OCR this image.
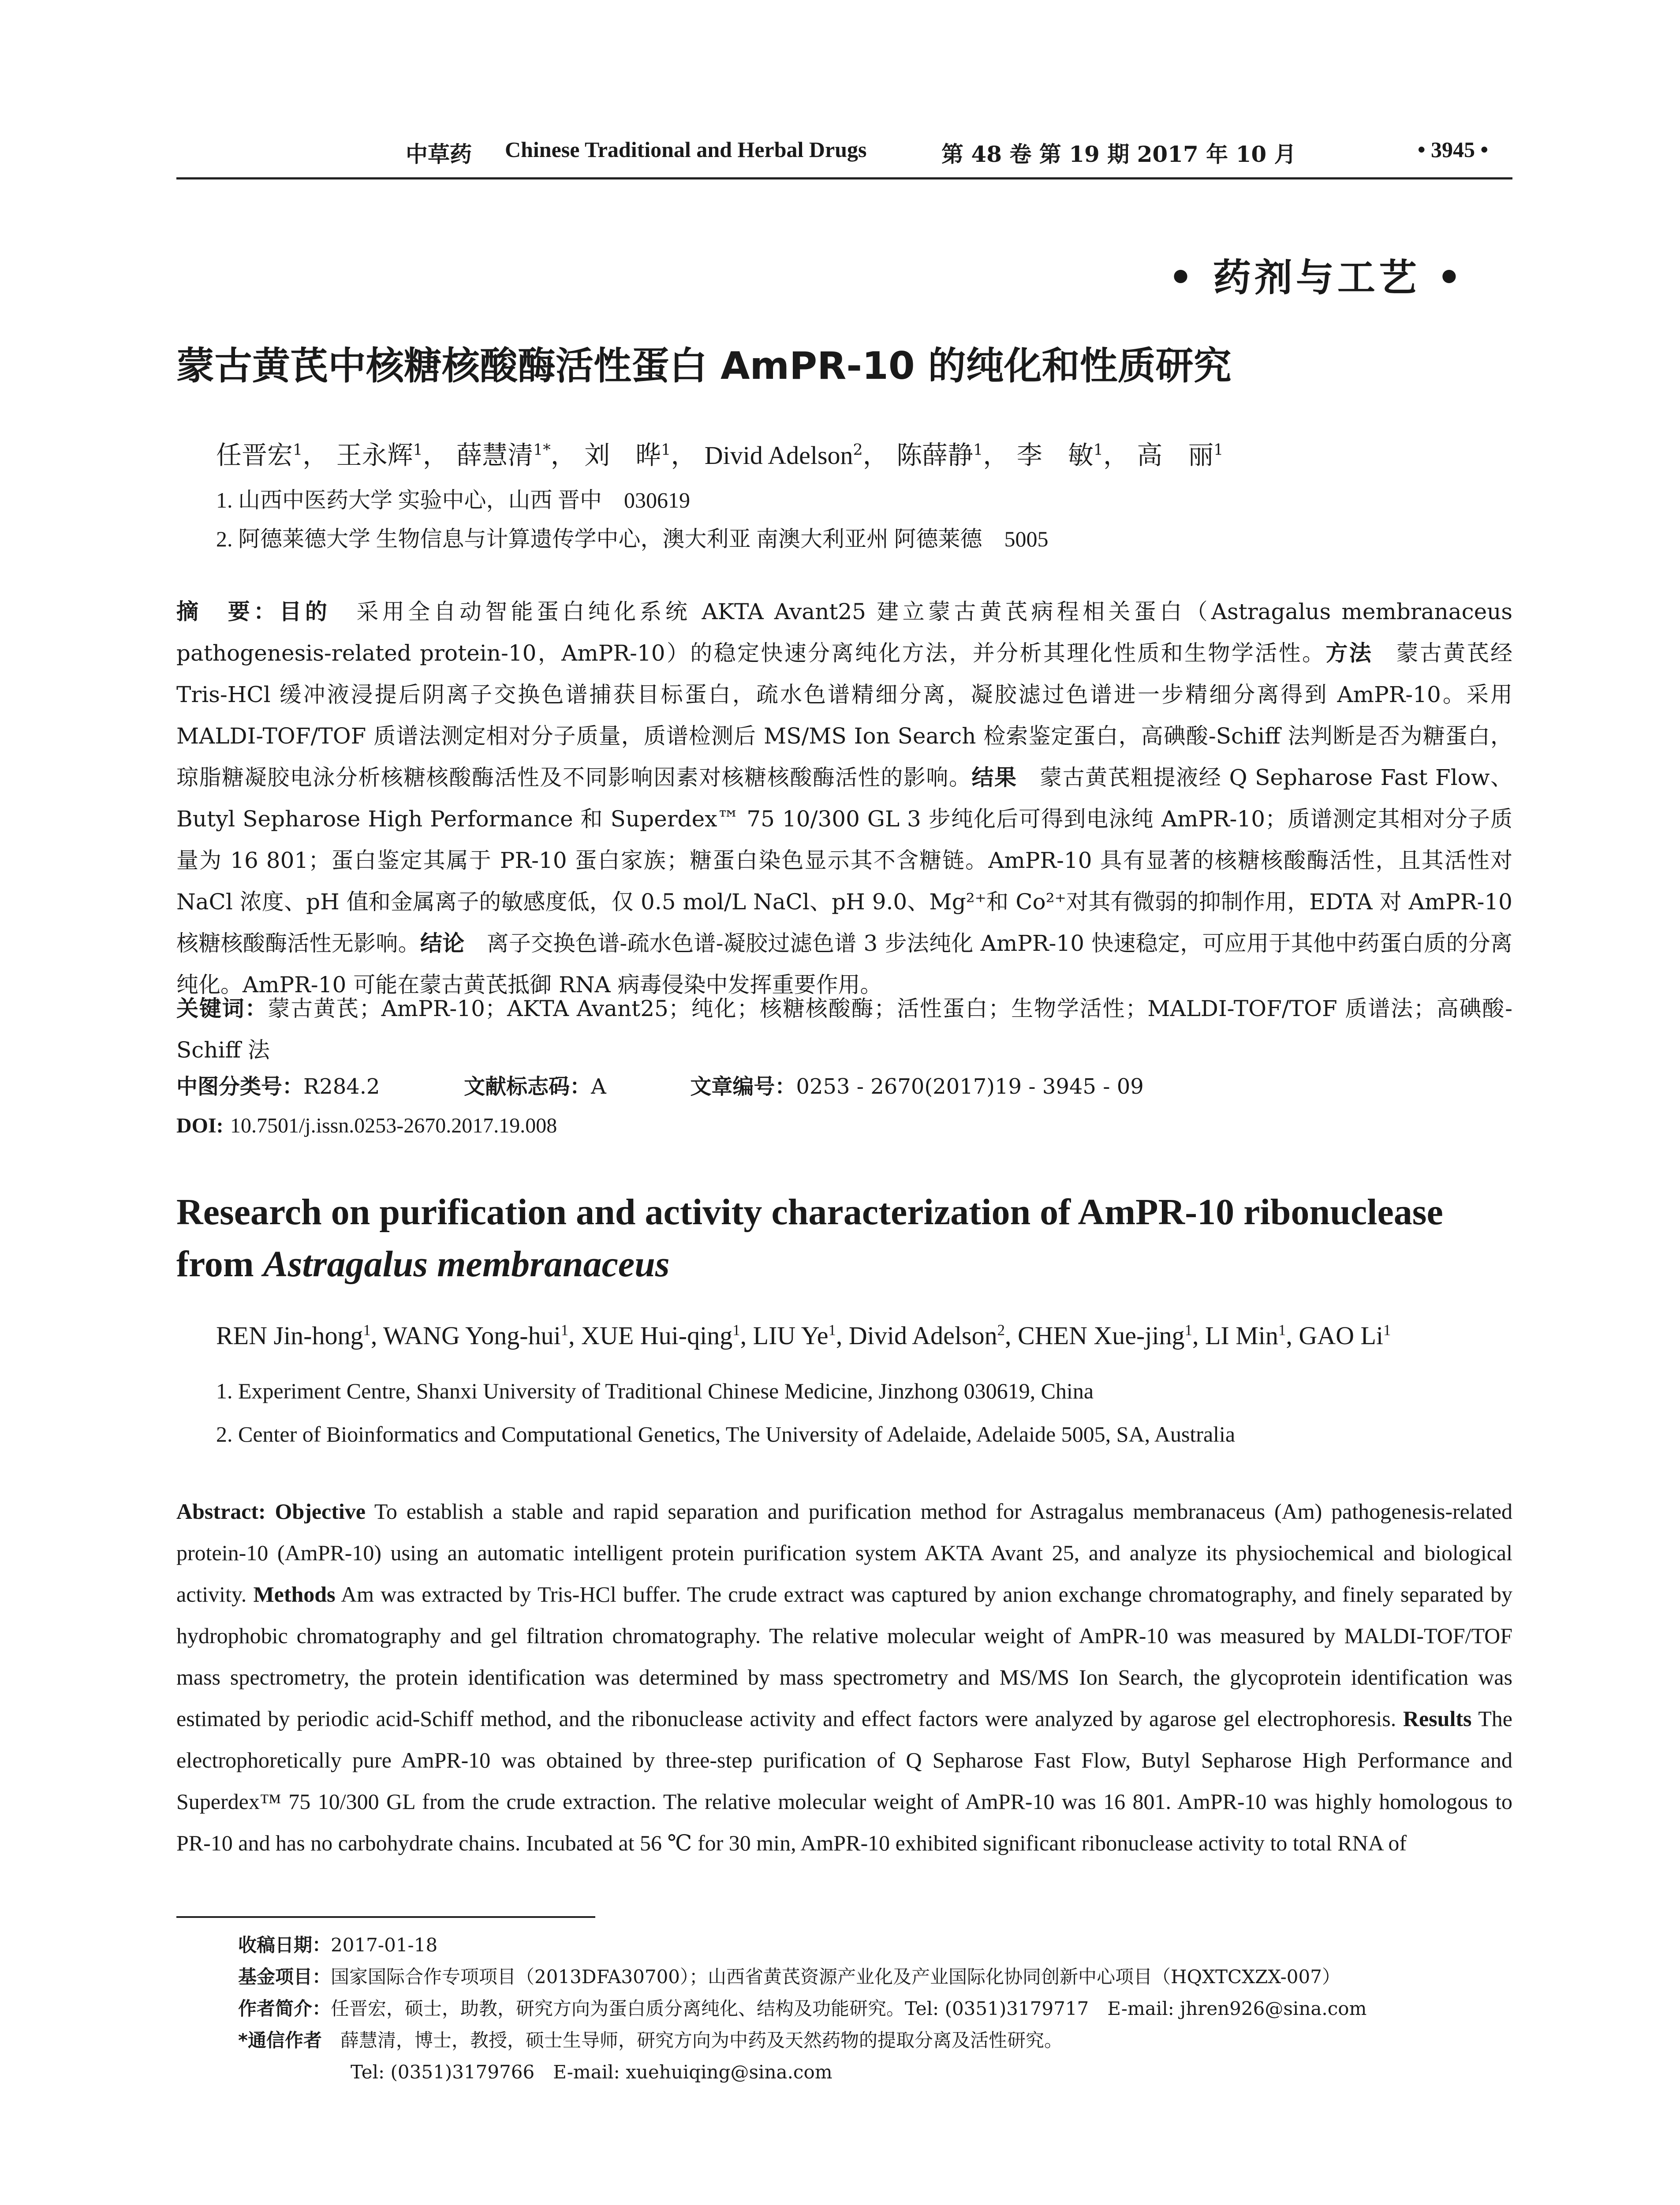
中草药 Chinese Traditional and Herbal Drugs	第 48 卷 第 19 期 2017 年 10 月	• 3945 •
• 药剂与工艺 •
蒙古黄芪中核糖核酸酶活性蛋白 AmPR-10 的纯化和性质研究
任晋宏$^1$， 王永辉$^1$， 薛慧清$^{1*}$， 刘　晔$^1$， Divid Adelson$^2$， 陈薛静$^1$， 李　敏$^1$， 高　丽$^1$
1. 山西中医药大学 实验中心，山西 晋中　030619
2. 阿德莱德大学 生物信息与计算遗传学中心，澳大利亚 南澳大利亚州 阿德莱德　5005
摘　要：目的　采用全自动智能蛋白纯化系统 AKTA Avant25 建立蒙古黄芪病程相关蛋白（Astragalus membranaceus pathogenesis-related protein-10，AmPR-10）的稳定快速分离纯化方法，并分析其理化性质和生物学活性。方法　蒙古黄芪经 Tris-HCl 缓冲液浸提后阴离子交换色谱捕获目标蛋白，疏水色谱精细分离，凝胶滤过色谱进一步精细分离得到 AmPR-10。采用 MALDI-TOF/TOF 质谱法测定相对分子质量，质谱检测后 MS/MS Ion Search 检索鉴定蛋白，高碘酸-Schiff 法判断是否为糖蛋白，琼脂糖凝胶电泳分析核糖核酸酶活性及不同影响因素对核糖核酸酶活性的影响。结果　蒙古黄芪粗提液经 Q Sepharose Fast Flow、Butyl Sepharose High Performance 和 Superdex™ 75 10/300 GL 3 步纯化后可得到电泳纯 AmPR-10；质谱测定其相对分子质量为 16 801；蛋白鉴定其属于 PR-10 蛋白家族；糖蛋白染色显示其不含糖链。AmPR-10 具有显著的核糖核酸酶活性，且其活性对 NaCl 浓度、pH 值和金属离子的敏感度低，仅 0.5 mol/L NaCl、pH 9.0、Mg²⁺和 Co²⁺对其有微弱的抑制作用，EDTA 对 AmPR-10 核糖核酸酶活性无影响。结论　离子交换色谱-疏水色谱-凝胶过滤色谱 3 步法纯化 AmPR-10 快速稳定，可应用于其他中药蛋白质的分离纯化。AmPR-10 可能在蒙古黄芪抵御 RNA 病毒侵染中发挥重要作用。
关键词：蒙古黄芪；AmPR-10；AKTA Avant25；纯化；核糖核酸酶；活性蛋白；生物学活性；MALDI-TOF/TOF 质谱法；高碘酸-Schiff 法
中图分类号：R284.2	文献标志码：A	文章编号：0253 - 2670(2017)19 - 3945 - 09
DOI: 10.7501/j.issn.0253-2670.2017.19.008
Research on purification and activity characterization of AmPR-10 ribonuclease from Astragalus membranaceus
REN Jin-hong$^1$, WANG Yong-hui$^1$, XUE Hui-qing$^1$, LIU Ye$^1$, Divid Adelson$^2$, CHEN Xue-jing$^1$, LI Min$^1$, GAO Li$^1$
1. Experiment Centre, Shanxi University of Traditional Chinese Medicine, Jinzhong 030619, China
2. Center of Bioinformatics and Computational Genetics, The University of Adelaide, Adelaide 5005, SA, Australia
Abstract: Objective To establish a stable and rapid separation and purification method for Astragalus membranaceus (Am) pathogenesis-related protein-10 (AmPR-10) using an automatic intelligent protein purification system AKTA Avant 25, and analyze its physiochemical and biological activity. Methods Am was extracted by Tris-HCl buffer. The crude extract was captured by anion exchange chromatography, and finely separated by hydrophobic chromatography and gel filtration chromatography. The relative molecular weight of AmPR-10 was measured by MALDI-TOF/TOF mass spectrometry, the protein identification was determined by mass spectrometry and MS/MS Ion Search, the glycoprotein identification was estimated by periodic acid-Schiff method, and the ribonuclease activity and effect factors were analyzed by agarose gel electrophoresis. Results The electrophoretically pure AmPR-10 was obtained by three-step purification of Q Sepharose Fast Flow, Butyl Sepharose High Performance and Superdex™ 75 10/300 GL from the crude extraction. The relative molecular weight of AmPR-10 was 16 801. AmPR-10 was highly homologous to PR-10 and has no carbohydrate chains. Incubated at 56 ℃ for 30 min, AmPR-10 exhibited significant ribonuclease activity to total RNA of
收稿日期：2017-01-18
基金项目：国家国际合作专项项目（2013DFA30700）；山西省黄芪资源产业化及产业国际化协同创新中心项目（HQXTCXZX-007）
作者简介：任晋宏，硕士，助教，研究方向为蛋白质分离纯化、结构及功能研究。Tel: (0351)3179717　E-mail: jhren926@sina.com
*通信作者　薛慧清，博士，教授，硕士生导师，研究方向为中药及天然药物的提取分离及活性研究。
Tel: (0351)3179766　E-mail: xuehuiqing@sina.com
